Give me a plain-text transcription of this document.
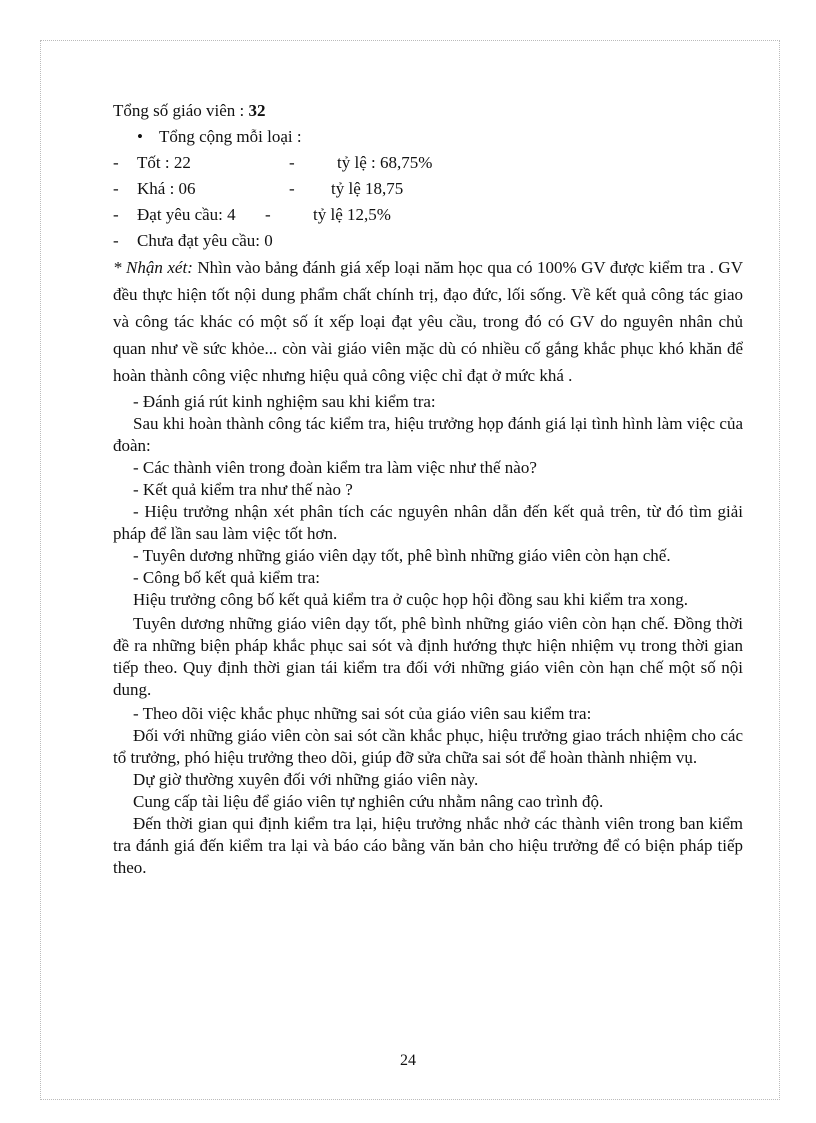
Tổng số giáo viên : 32

• Tổng cộng mỗi loại :

- Tốt : 22	- tỷ lệ : 68,75%

- Khá : 06	- tỷ lệ 18,75

- Đạt yêu cầu: 4 - tỷ lệ 12,5%

- Chưa đạt yêu cầu: 0

* Nhận xét: Nhìn vào bảng đánh giá xếp loại năm học qua có 100% GV được kiểm tra . GV đều thực hiện tốt nội dung phẩm chất chính trị, đạo đức, lối sống. Về kết quả công tác giao và công tác khác có một số ít xếp loại đạt yêu cầu, trong đó có GV do nguyên nhân chủ quan như về sức khỏe... còn vài giáo viên mặc dù có nhiều cố gắng khắc phục khó khăn để hoàn thành công việc nhưng hiệu quả công việc chỉ đạt ở mức khá .

- Đánh giá rút kinh nghiệm sau khi kiểm tra:

Sau khi hoàn thành công tác kiểm tra, hiệu trưởng họp đánh giá lại tình hình làm việc của đoàn:

- Các thành viên trong đoàn kiểm tra làm việc như thế nào?

- Kết quả kiểm tra như thế nào ?

- Hiệu trưởng nhận xét phân tích các nguyên nhân dẫn đến kết quả trên, từ đó tìm giải pháp để lần sau làm việc tốt hơn.

- Tuyên dương những giáo viên dạy tốt, phê bình những giáo viên còn hạn chế.

- Công bố kết quả kiểm tra:

Hiệu trưởng công bố kết quả kiểm tra ở cuộc họp hội đồng sau khi kiểm tra xong.

Tuyên dương những giáo viên dạy tốt, phê bình những giáo viên còn hạn chế. Đồng thời đề ra những biện pháp khắc phục sai sót và định hướng thực hiện nhiệm vụ trong thời gian tiếp theo. Quy định thời gian tái kiểm tra đối với những giáo viên còn hạn chế một số nội dung.

- Theo dõi việc khắc phục những sai sót của giáo viên sau kiểm tra:

Đối với những giáo viên còn sai sót cần khắc phục, hiệu trưởng giao trách nhiệm cho các tổ trưởng, phó hiệu trưởng theo dõi, giúp đỡ sửa chữa sai sót để hoàn thành nhiệm vụ.

Dự giờ thường xuyên đối với những giáo viên này.

Cung cấp tài liệu để giáo viên tự nghiên cứu nhằm nâng cao trình độ.

Đến thời gian qui định kiểm tra lại, hiệu trưởng nhắc nhở các thành viên trong ban kiểm tra đánh giá đến kiểm tra lại và báo cáo bằng văn bản cho hiệu trưởng để có biện pháp tiếp theo.

24
